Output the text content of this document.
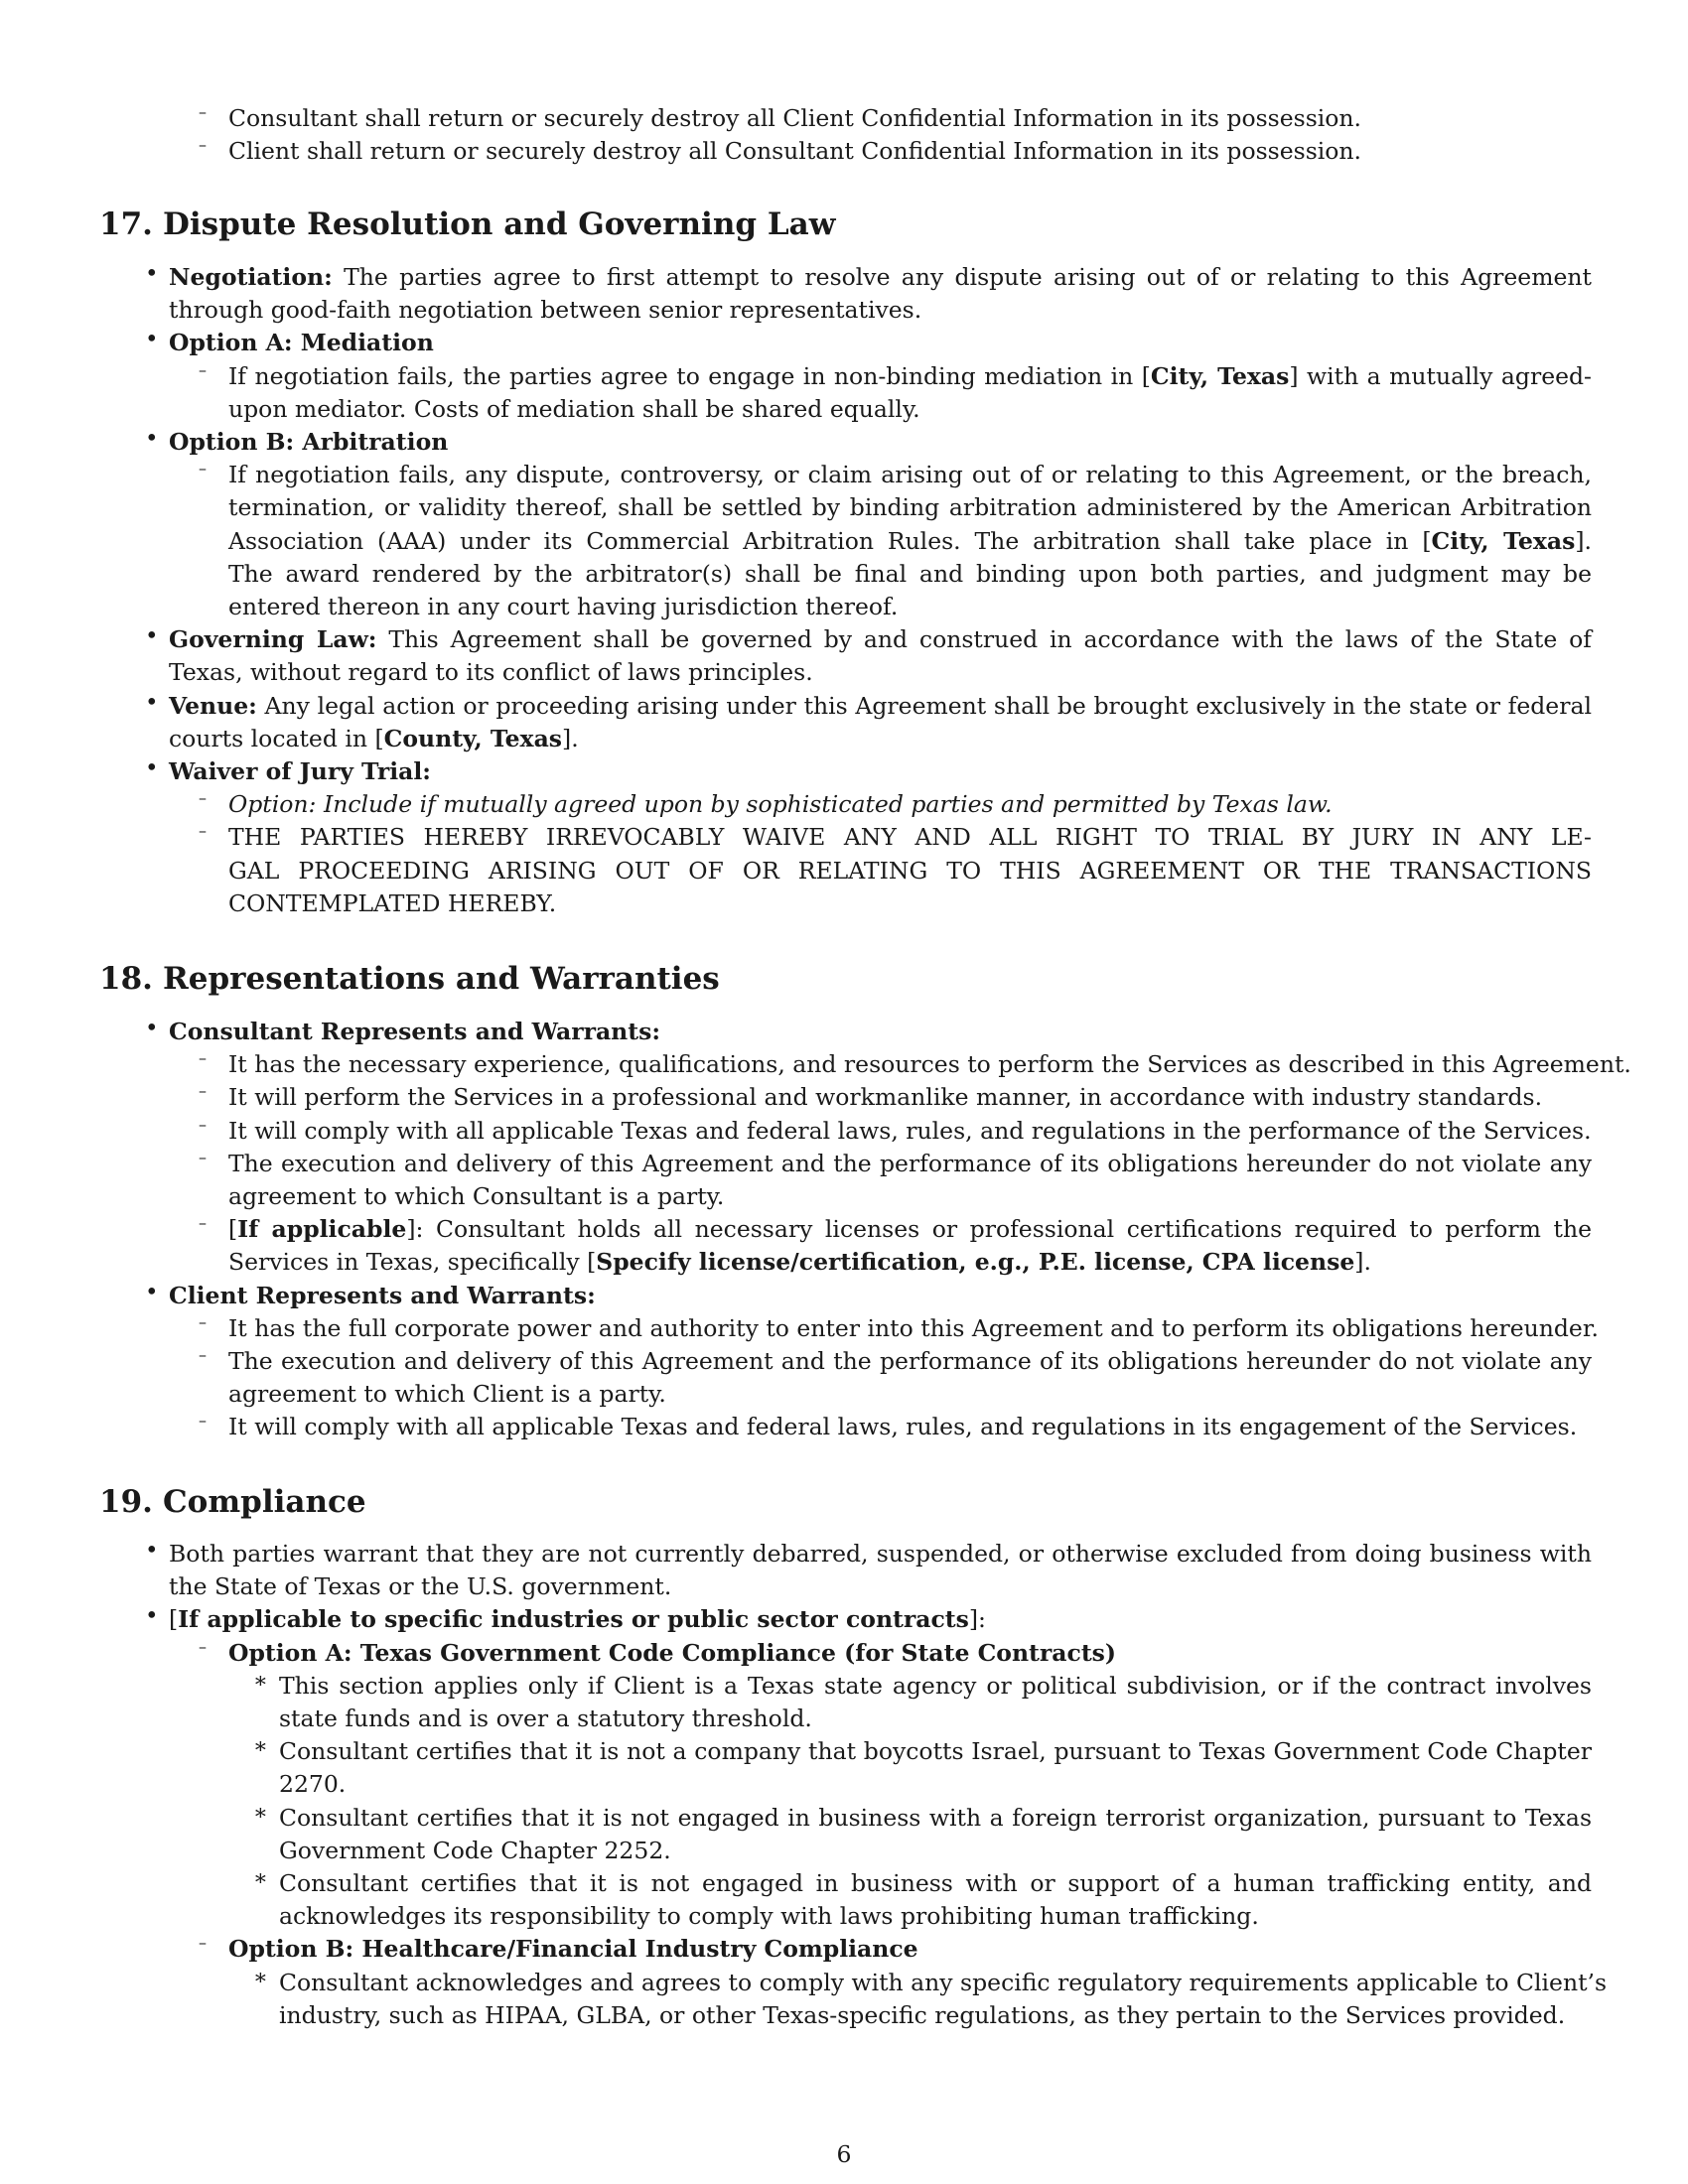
– Consultant shall return or securely destroy all Client Confidential Information in its possession.
– Client shall return or securely destroy all Consultant Confidential Information in its possession.
17. Dispute Resolution and Governing Law
• Negotiation: The parties agree to first attempt to resolve any dispute arising out of or relating to this Agreement
through good-faith negotiation between senior representatives.
• Option A: Mediation
– If negotiation fails, the parties agree to engage in non-binding mediation in [City, Texas] with a mutually agreed-
upon mediator. Costs of mediation shall be shared equally.
• Option B: Arbitration
– If negotiation fails, any dispute, controversy, or claim arising out of or relating to this Agreement, or the breach,
termination, or validity thereof, shall be settled by binding arbitration administered by the American Arbitration
Association (AAA) under its Commercial Arbitration Rules. The arbitration shall take place in [City, Texas].
The award rendered by the arbitrator(s) shall be final and binding upon both parties, and judgment may be
entered thereon in any court having jurisdiction thereof.
• Governing Law: This Agreement shall be governed by and construed in accordance with the laws of the State of
Texas, without regard to its conflict of laws principles.
• Venue: Any legal action or proceeding arising under this Agreement shall be brought exclusively in the state or federal
courts located in [County, Texas].
• Waiver of Jury Trial:
– Option: Include if mutually agreed upon by sophisticated parties and permitted by Texas law.
– THE PARTIES HEREBY IRREVOCABLY WAIVE ANY AND ALL RIGHT TO TRIAL BY JURY IN ANY LE-
GAL PROCEEDING ARISING OUT OF OR RELATING TO THIS AGREEMENT OR THE TRANSACTIONS
CONTEMPLATED HEREBY.
18. Representations and Warranties
• Consultant Represents and Warrants:
– It has the necessary experience, qualifications, and resources to perform the Services as described in this Agreement.
– It will perform the Services in a professional and workmanlike manner, in accordance with industry standards.
– It will comply with all applicable Texas and federal laws, rules, and regulations in the performance of the Services.
– The execution and delivery of this Agreement and the performance of its obligations hereunder do not violate any
agreement to which Consultant is a party.
– [If applicable]: Consultant holds all necessary licenses or professional certifications required to perform the
Services in Texas, specifically [Specify license/certification, e.g., P.E. license, CPA license].
• Client Represents and Warrants:
– It has the full corporate power and authority to enter into this Agreement and to perform its obligations hereunder.
– The execution and delivery of this Agreement and the performance of its obligations hereunder do not violate any
agreement to which Client is a party.
– It will comply with all applicable Texas and federal laws, rules, and regulations in its engagement of the Services.
19. Compliance
• Both parties warrant that they are not currently debarred, suspended, or otherwise excluded from doing business with
the State of Texas or the U.S. government.
• [If applicable to specific industries or public sector contracts]:
– Option A: Texas Government Code Compliance (for State Contracts)
∗ This section applies only if Client is a Texas state agency or political subdivision, or if the contract involves
state funds and is over a statutory threshold.
∗ Consultant certifies that it is not a company that boycotts Israel, pursuant to Texas Government Code Chapter
2270.
∗ Consultant certifies that it is not engaged in business with a foreign terrorist organization, pursuant to Texas
Government Code Chapter 2252.
∗ Consultant certifies that it is not engaged in business with or support of a human trafficking entity, and
acknowledges its responsibility to comply with laws prohibiting human trafficking.
– Option B: Healthcare/Financial Industry Compliance
∗ Consultant acknowledges and agrees to comply with any specific regulatory requirements applicable to Client’s
industry, such as HIPAA, GLBA, or other Texas-specific regulations, as they pertain to the Services provided.
6
